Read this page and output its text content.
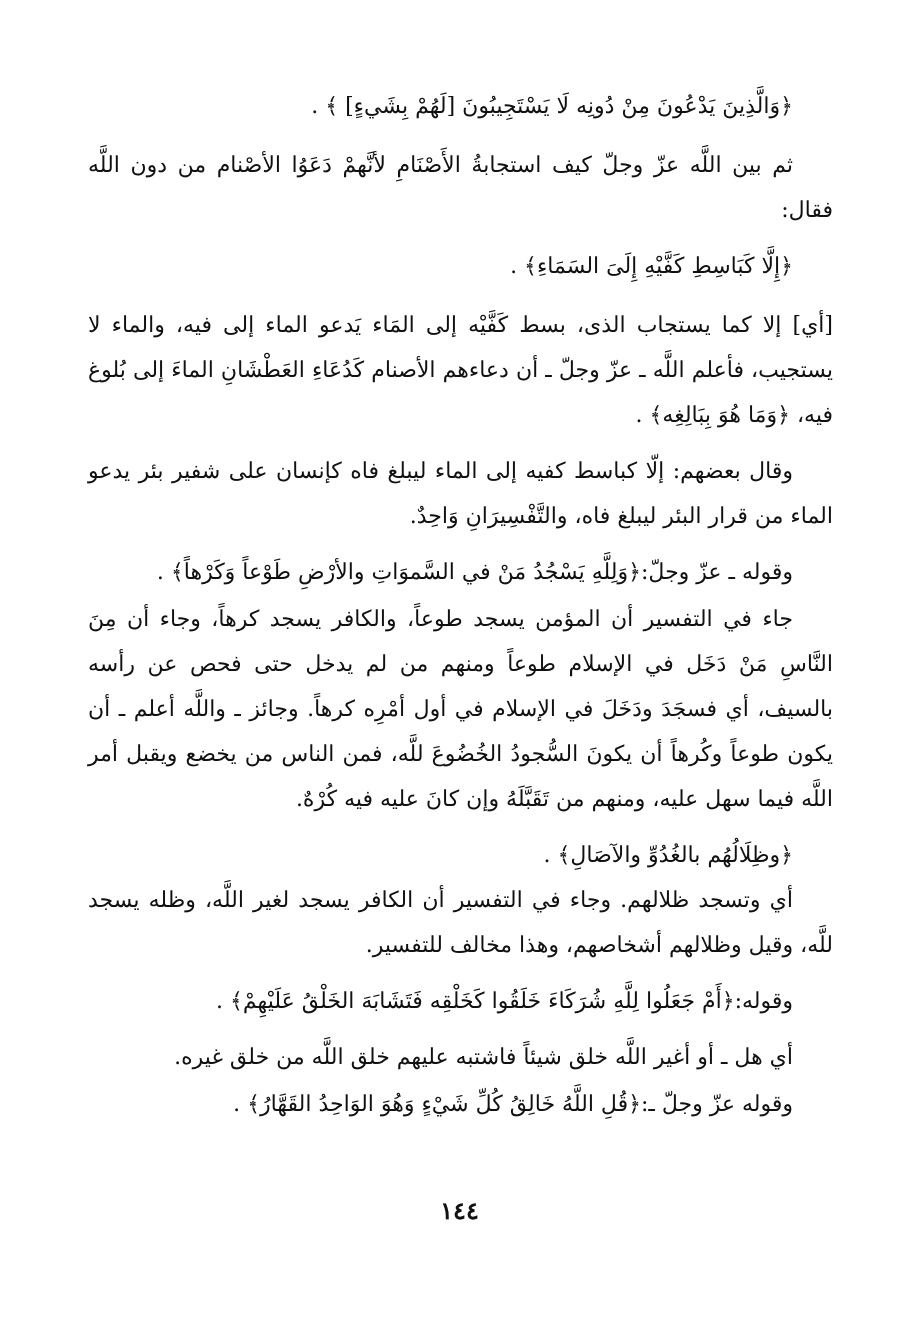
﴿وَالَّذِينَ يَدْعُونَ مِنْ دُونِه لَا يَسْتَجِيبُونَ [لَهُمْ بِشَيءٍ] ﴾ .

ثم بين اللَّه عزّ وجلّ كيف استجابةُ الأَصْنَامِ لأنَّهمْ دَعَوُا الأصْنام من دون اللَّه فقال:

﴿إِلَّا كَبَاسِطِ كَفَّيْهِ إِلَىَ السَمَاءِ﴾ .

[أي] إلا كما يستجاب الذى، بسط كَفَّيْه إلى المَاء يَدعو الماء إلى فيه، والماء لا يستجيب، فأعلم اللَّه ـ عزّ وجلّ ـ أن دعاءهم الأصنام كَدُعَاءِ العَطْشَانِ الماءَ إلى بُلوغ فيه، ﴿وَمَا هُوَ بِبَالِغِه﴾ .

وقال بعضهم: إلّا كباسط كفيه إلى الماء ليبلغ فاه كإنسان على شفير بئر يدعو الماء من قرار البئر ليبلغ فاه، والتَّفْسِيرَانِ وَاحِدٌ.

وقوله ـ عزّ وجلّ:﴿وَلِلَّهِ يَسْجُدُ مَنْ في السَّموَاتِ والأرْضِ طَوْعاً وَكَرْهاً﴾ .

جاء في التفسير أن المؤمن يسجد طوعاً، والكافر يسجد كرهاً، وجاء أن مِنَ النَّاسِ مَنْ دَخَل في الإسلام طوعاً ومنهم من لم يدخل حتى فحص عن رأسه بالسيف، أي فسجَدَ ودَخَلَ في الإسلام في أول أمْرِه كرهاً. وجائز ـ واللَّه أعلم ـ أن يكون طوعاً وكُرهاً أن يكونَ السُّجودُ الخُضُوعَ للَّه، فمن الناس من يخضع ويقبل أمر اللَّه فيما سهل عليه، ومنهم من تَقَبَّلَهُ وإن كانَ عليه فيه كُرْهٌ.

﴿وظِلَالُهُم بالغُدُوِّ والآصَالِ﴾ .

أي وتسجد ظلالهم. وجاء في التفسير أن الكافر يسجد لغير اللَّه، وظله يسجد للَّه، وقيل وظلالهم أشخاصهم، وهذا مخالف للتفسير.

وقوله:﴿أَمْ جَعَلُوا لِلَّهِ شُرَكَاءَ خَلَقُوا كَخَلْقِه فَتَشَابَهَ الخَلْقُ عَلَيْهِمْ﴾ .

أي هل ـ أو أغير اللَّه خلق شيئاً فاشتبه عليهم خلق اللَّه من خلق غيره.

وقوله عزّ وجلّ ـ:﴿قُلِ اللَّهُ خَالِقُ كُلِّ شَيْءٍ وَهُوَ الوَاحِدُ القَهَّارُ﴾ .

١٤٤
